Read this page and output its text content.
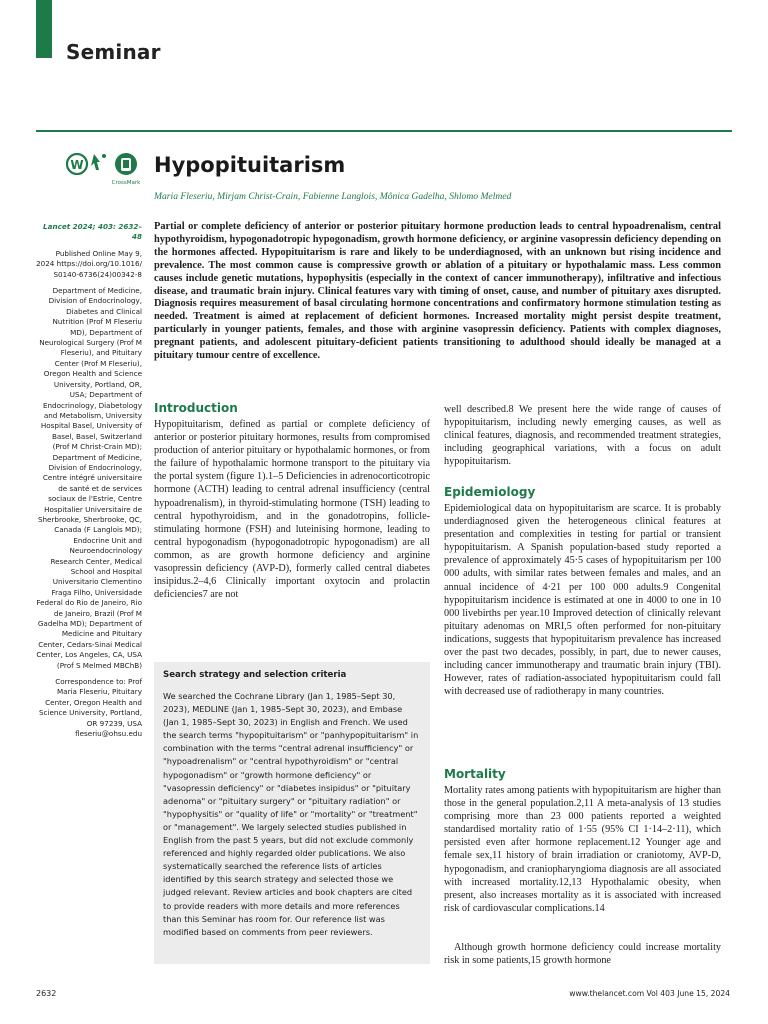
Seminar
W
CrossMark
Hypopituitarism
Maria Fleseriu, Mirjam Christ-Crain, Fabienne Langlois, Mônica Gadelha, Shlomo Melmed
Lancet 2024; 403: 2632–48
Published Online May 9, 2024 https://doi.org/10.1016/ S0140-6736(24)00342-8
Department of Medicine, Division of Endocrinology, Diabetes and Clinical Nutrition (Prof M Fleseriu MD), Department of Neurological Surgery (Prof M Fleseriu), and Pituitary Center (Prof M Fleseriu), Oregon Health and Science University, Portland, OR, USA; Department of Endocrinology, Diabetology and Metabolism, University Hospital Basel, University of Basel, Basel, Switzerland (Prof M Christ-Crain MD); Department of Medicine, Division of Endocrinology, Centre intégré universitaire de santé et de services sociaux de l'Estrie, Centre Hospitalier Universitaire de Sherbrooke, Sherbrooke, QC, Canada (F Langlois MD); Endocrine Unit and Neuroendocrinology Research Center, Medical School and Hospital Universitario Clementino Fraga Filho, Universidade Federal do Rio de Janeiro, Rio de Janeiro, Brazil (Prof M Gadelha MD); Department of Medicine and Pituitary Center, Cedars-Sinai Medical Center, Los Angeles, CA, USA (Prof S Melmed MBChB)
Correspondence to: Prof Maria Fleseriu, Pituitary Center, Oregon Health and Science University, Portland, OR 97239, USA fleseriu@ohsu.edu
Partial or complete deficiency of anterior or posterior pituitary hormone production leads to central hypoadrenalism, central hypothyroidism, hypogonadotropic hypogonadism, growth hormone deficiency, or arginine vasopressin deficiency depending on the hormones affected. Hypopituitarism is rare and likely to be underdiagnosed, with an unknown but rising incidence and prevalence. The most common cause is compressive growth or ablation of a pituitary or hypothalamic mass. Less common causes include genetic mutations, hypophysitis (especially in the context of cancer immunotherapy), infiltrative and infectious disease, and traumatic brain injury. Clinical features vary with timing of onset, cause, and number of pituitary axes disrupted. Diagnosis requires measurement of basal circulating hormone concentrations and confirmatory hormone stimulation testing as needed. Treatment is aimed at replacement of deficient hormones. Increased mortality might persist despite treatment, particularly in younger patients, females, and those with arginine vasopressin deficiency. Patients with complex diagnoses, pregnant patients, and adolescent pituitary-deficient patients transitioning to adulthood should ideally be managed at a pituitary tumour centre of excellence.
Introduction
Hypopituitarism, defined as partial or complete deficiency of anterior or posterior pituitary hormones, results from compromised production of anterior pituitary or hypothalamic hormones, or from the failure of hypothalamic hormone transport to the pituitary via the portal system (figure 1).1–5 Deficiencies in adrenocorticotropic hormone (ACTH) leading to central adrenal insufficiency (central hypoadrenalism), in thyroid-stimulating hormone (TSH) leading to central hypothyroidism, and in the gonadotropins, follicle-stimulating hormone (FSH) and luteinising hormone, leading to central hypogonadism (hypogonadotropic hypogonadism) are all common, as are growth hormone deficiency and arginine vasopressin deficiency (AVP-D), formerly called central diabetes insipidus.2–4,6 Clinically important oxytocin and prolactin deficiencies7 are not
Search strategy and selection criteria
We searched the Cochrane Library (Jan 1, 1985–Sept 30, 2023), MEDLINE (Jan 1, 1985–Sept 30, 2023), and Embase (Jan 1, 1985–Sept 30, 2023) in English and French. We used the search terms "hypopituitarism" or "panhypopituitarism" in combination with the terms "central adrenal insufficiency" or "hypoadrenalism" or "central hypothyroidism" or "central hypogonadism" or "growth hormone deficiency" or "vasopressin deficiency" or "diabetes insipidus" or "pituitary adenoma" or "pituitary surgery" or "pituitary radiation" or "hypophysitis" or "quality of life" or "mortality" or "treatment" or "management". We largely selected studies published in English from the past 5 years, but did not exclude commonly referenced and highly regarded older publications. We also systematically searched the reference lists of articles identified by this search strategy and selected those we judged relevant. Review articles and book chapters are cited to provide readers with more details and more references than this Seminar has room for. Our reference list was modified based on comments from peer reviewers.
well described.8 We present here the wide range of causes of hypopituitarism, including newly emerging causes, as well as clinical features, diagnosis, and recommended treatment strategies, including geographical variations, with a focus on adult hypopituitarism.
Epidemiology
Epidemiological data on hypopituitarism are scarce. It is probably underdiagnosed given the heterogeneous clinical features at presentation and complexities in testing for partial or transient hypopituitarism. A Spanish population-based study reported a prevalence of approximately 45·5 cases of hypopituitarism per 100 000 adults, with similar rates between females and males, and an annual incidence of 4·21 per 100 000 adults.9 Congenital hypopituitarism incidence is estimated at one in 4000 to one in 10 000 livebirths per year.10 Improved detection of clinically relevant pituitary adenomas on MRI,5 often performed for non-pituitary indications, suggests that hypopituitarism prevalence has increased over the past two decades, possibly, in part, due to newer causes, including cancer immunotherapy and traumatic brain injury (TBI). However, rates of radiation-associated hypopituitarism could fall with decreased use of radiotherapy in many countries.
Mortality
Mortality rates among patients with hypopituitarism are higher than those in the general population.2,11 A meta-analysis of 13 studies comprising more than 23 000 patients reported a weighted standardised mortality ratio of 1·55 (95% CI 1·14–2·11), which persisted even after hormone replacement.12 Younger age and female sex,11 history of brain irradiation or craniotomy, AVP-D, hypogonadism, and craniopharyngioma diagnosis are all associated with increased mortality.12,13 Hypothalamic obesity, when present, also increases mortality as it is associated with increased risk of cardiovascular complications.14
Although growth hormone deficiency could increase mortality risk in some patients,15 growth hormone
2632	www.thelancet.com Vol 403 June 15, 2024
